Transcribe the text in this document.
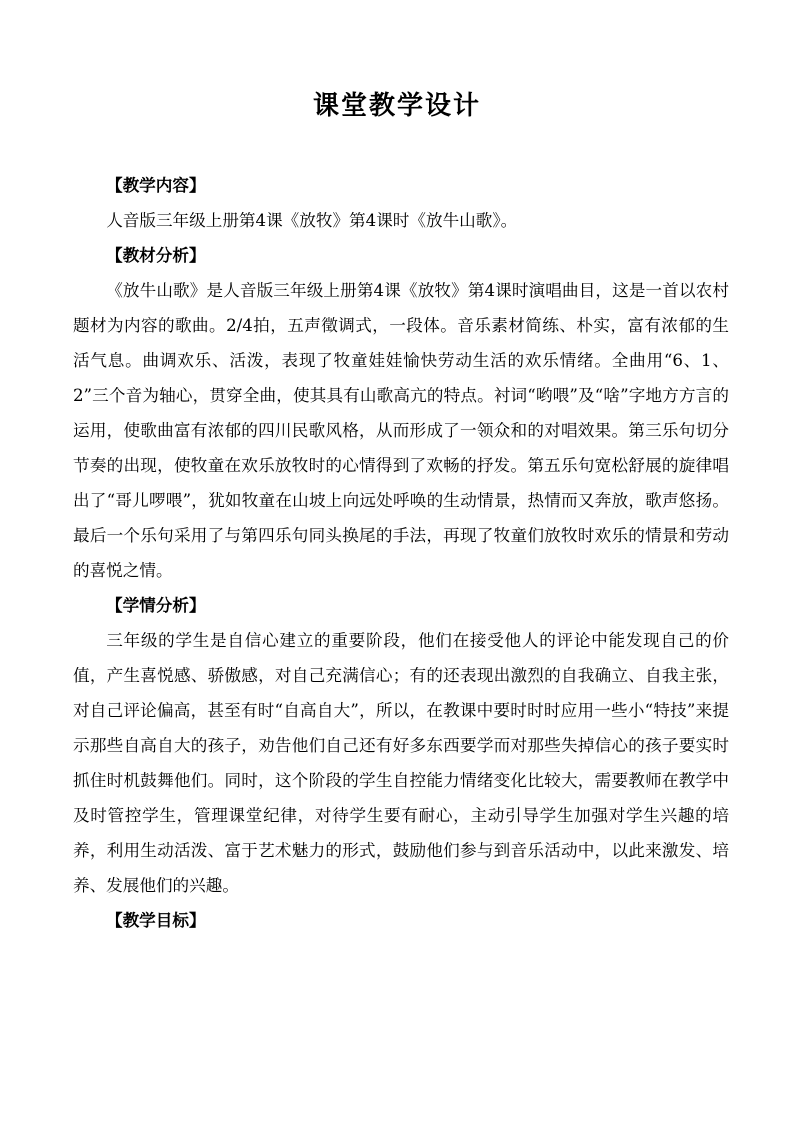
课堂教学设计

【教学内容】

人音版三年级上册第4课《放牧》第4课时《放牛山歌》。

【教材分析】

《放牛山歌》是人音版三年级上册第4课《放牧》第4课时演唱曲目，这是一首以农村题材为内容的歌曲。2/4拍，五声徵调式，一段体。音乐素材简练、朴实，富有浓郁的生活气息。曲调欢乐、活泼，表现了牧童娃娃愉快劳动生活的欢乐情绪。全曲用“6、1、2”三个音为轴心，贯穿全曲，使其具有山歌高亢的特点。衬词“哟喂”及“啥”字地方方言的运用，使歌曲富有浓郁的四川民歌风格，从而形成了一领众和的对唱效果。第三乐句切分节奏的出现，使牧童在欢乐放牧时的心情得到了欢畅的抒发。第五乐句宽松舒展的旋律唱出了“哥儿啰喂”，犹如牧童在山坡上向远处呼唤的生动情景，热情而又奔放，歌声悠扬。最后一个乐句采用了与第四乐句同头换尾的手法，再现了牧童们放牧时欢乐的情景和劳动的喜悦之情。

【学情分析】

三年级的学生是自信心建立的重要阶段，他们在接受他人的评论中能发现自己的价值，产生喜悦感、骄傲感，对自己充满信心；有的还表现出激烈的自我确立、自我主张，对自己评论偏高，甚至有时“自高自大”，所以，在教课中要时时时应用一些小“特技”来提示那些自高自大的孩子，劝告他们自己还有好多东西要学而对那些失掉信心的孩子要实时抓住时机鼓舞他们。同时，这个阶段的学生自控能力情绪变化比较大，需要教师在教学中及时管控学生，管理课堂纪律，对待学生要有耐心，主动引导学生加强对学生兴趣的培养，利用生动活泼、富于艺术魅力的形式，鼓励他们参与到音乐活动中，以此来激发、培养、发展他们的兴趣。

【教学目标】
